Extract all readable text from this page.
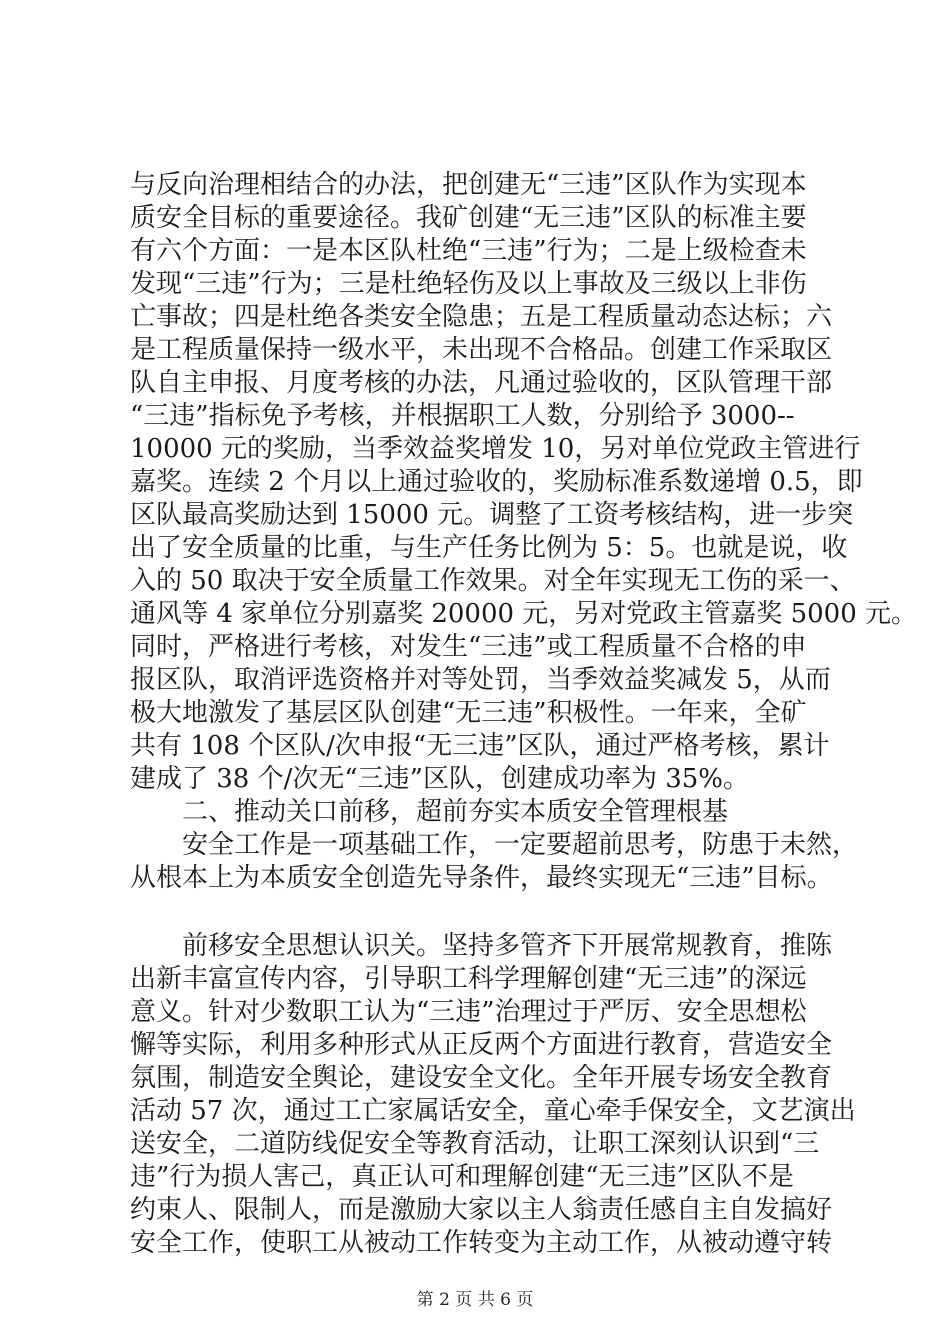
与反向治理相结合的办法，把创建无“三违”区队作为实现本
质安全目标的重要途径。我矿创建“无三违”区队的标准主要
有六个方面：一是本区队杜绝“三违”行为；二是上级检查未
发现“三违”行为；三是杜绝轻伤及以上事故及三级以上非伤
亡事故；四是杜绝各类安全隐患；五是工程质量动态达标；六
是工程质量保持一级水平，未出现不合格品。创建工作采取区
队自主申报、月度考核的办法，凡通过验收的，区队管理干部
“三违”指标免予考核，并根据职工人数，分别给予 3000--
10000 元的奖励，当季效益奖增发 10，另对单位党政主管进行
嘉奖。连续 2 个月以上通过验收的，奖励标准系数递增 0.5，即
区队最高奖励达到 15000 元。调整了工资考核结构，进一步突
出了安全质量的比重，与生产任务比例为 5：5。也就是说，收
入的 50 取决于安全质量工作效果。对全年实现无工伤的采一、
通风等 4 家单位分别嘉奖 20000 元，另对党政主管嘉奖 5000 元。
同时，严格进行考核，对发生“三违”或工程质量不合格的申
报区队，取消评选资格并对等处罚，当季效益奖减发 5，从而
极大地激发了基层区队创建“无三违”积极性。一年来，全矿
共有 108 个区队/次申报“无三违”区队，通过严格考核，累计
建成了 38 个/次无“三违”区队，创建成功率为 35%。
二、推动关口前移，超前夯实本质安全管理根基
安全工作是一项基础工作，一定要超前思考，防患于未然，
从根本上为本质安全创造先导条件，最终实现无“三违”目标。
前移安全思想认识关。坚持多管齐下开展常规教育，推陈
出新丰富宣传内容，引导职工科学理解创建“无三违”的深远
意义。针对少数职工认为“三违”治理过于严厉、安全思想松
懈等实际，利用多种形式从正反两个方面进行教育，营造安全
氛围，制造安全舆论，建设安全文化。全年开展专场安全教育
活动 57 次，通过工亡家属话安全，童心牵手保安全，文艺演出
送安全，二道防线促安全等教育活动，让职工深刻认识到“三
违”行为损人害己，真正认可和理解创建“无三违”区队不是
约束人、限制人，而是激励大家以主人翁责任感自主自发搞好
安全工作，使职工从被动工作转变为主动工作，从被动遵守转
第 2 页 共 6 页
